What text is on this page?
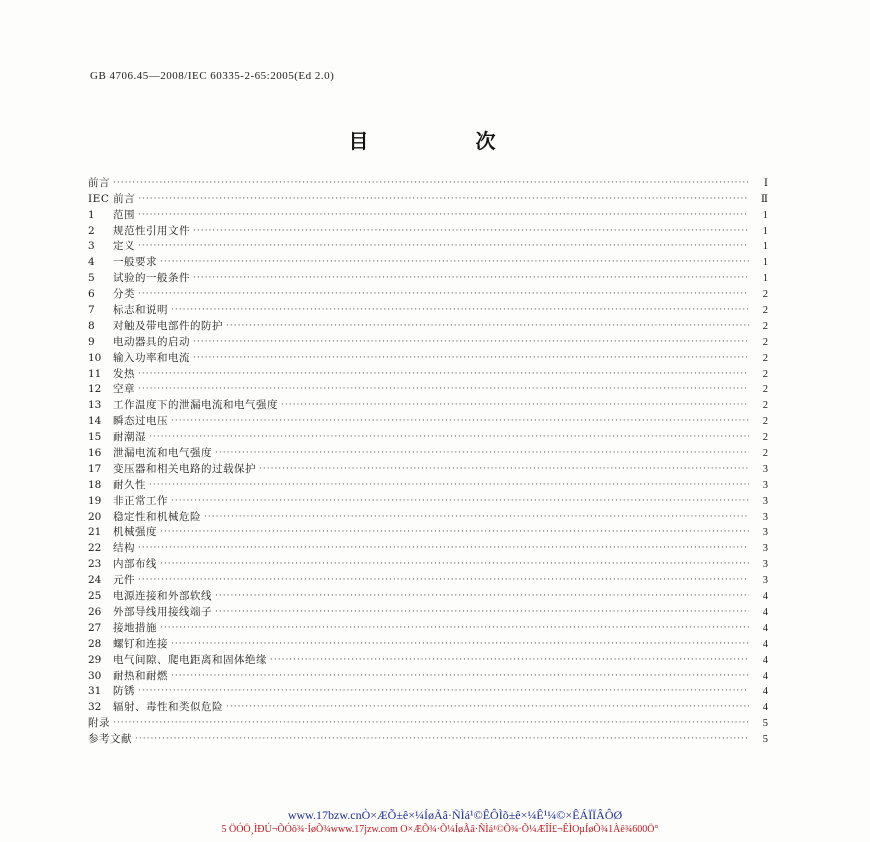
GB 4706.45—2008/IEC 60335-2-65:2005(Ed 2.0)
目 次
前言 ·····	Ⅰ
IEC 前言 ·····	Ⅱ
1	范围 ·····	1
2	规范性引用文件 ·····	1
3	定义 ·····	1
4	一般要求 ·····	1
5	试验的一般条件 ·····	1
6	分类 ·····	2
7	标志和说明 ·····	2
8	对触及带电部件的防护 ·····	2
9	电动器具的启动 ·····	2
10	输入功率和电流 ·····	2
11	发热 ·····	2
12	空章 ·····	2
13	工作温度下的泄漏电流和电气强度 ·····	2
14	瞬态过电压 ·····	2
15	耐潮湿 ·····	2
16	泄漏电流和电气强度 ·····	2
17	变压器和相关电路的过载保护 ·····	3
18	耐久性 ·····	3
19	非正常工作 ·····	3
20	稳定性和机械危险 ·····	3
21	机械强度 ·····	3
22	结构 ·····	3
23	内部布线 ·····	3
24	元件 ·····	3
25	电源连接和外部软线 ·····	4
26	外部导线用接线端子 ·····	4
27	接地措施 ·····	4
28	螺钉和连接 ·····	4
29	电气间隙、爬电距离和固体绝缘 ·····	4
30	耐热和耐燃 ·····	4
31	防锈 ·····	4
32	辐射、毒性和类似危险 ·····	4
附录 ·····	5
参考文献 ·····	5
www.17bzw.cnÒ×ÆÕ±ê×¼ÍøÃâ·ÑÌá¹©ÊÔÌõ±ê×¼Ê¹¼©×ÊÁÏÏÂÔØ
5 ÖÓÖ¸ÌÐÚ¬ÕÓô¾·ÍøÕ¾www.17jzw.com O×ÆÕ¾·Õ¼ÍøÃâ·ÑÌá¹©Õ¾·Õ¼ÆÎÍ£¬ÊÌOµÍøÕ¾1Àê¾600Ö°
